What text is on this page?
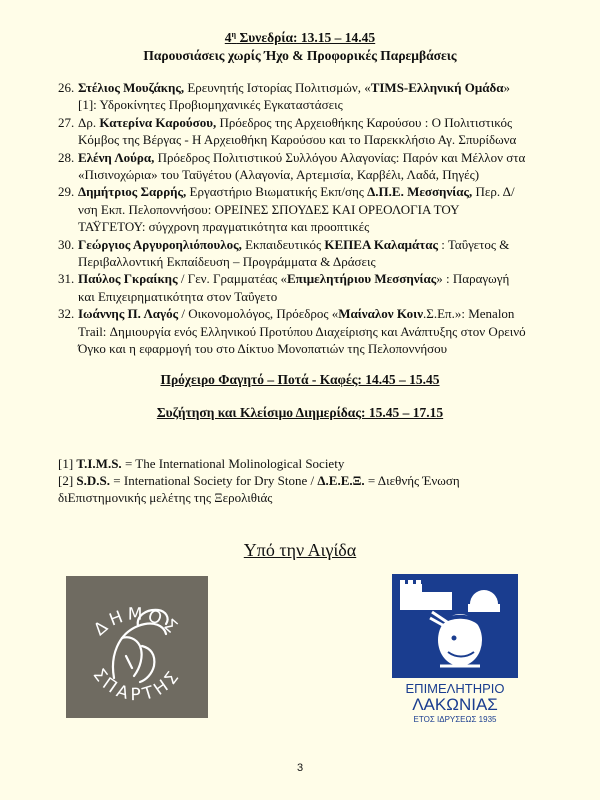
$4^\eta$ Συνεδρία: 13.15 – 14.45
Παρουσιάσεις χωρίς Ήχο & Προφορικές Παρεμβάσεις
26. Στέλιος Μουζάκης, Ερευνητής Ιστορίας Πολιτισμών, «TIMS-Ελληνική Ομάδα» [1]: Υδροκίνητες Προβιομηχανικές Εγκαταστάσεις
27. Δρ. Κατερίνα Καρούσου, Πρόεδρος της Αρχειοθήκης Καρούσου : Ο Πολιτιστικός Κόμβος της Βέργας - Η Αρχειοθήκη Καρούσου και το Παρεκκλήσιο Αγ. Σπυρίδωνα
28. Ελένη Λούρα, Πρόεδρος Πολιτιστικού Συλλόγου Αλαγονίας: Παρόν και Μέλλον στα «Πισινοχώρια» του Ταϋγέτου (Αλαγονία, Αρτεμισία, Καρβέλι, Λαδά, Πηγές)
29. Δημήτριος Σαρρής, Εργαστήριο Βιωματικής Εκπ/σης Δ.Π.Ε. Μεσσηνίας, Περ. Δ/νση Εκπ. Πελοποννήσου: ΟΡΕΙΝΕΣ ΣΠΟΥΔΕΣ ΚΑΙ ΟΡΕΟΛΟΓΙΑ ΤΟΥ ΤΑΫΓΕΤΟΥ: σύγχρονη πραγματικότητα και προοπτικές
30. Γεώργιος Αργυροηλιόπουλος, Εκπαιδευτικός ΚΕΠΕΑ Καλαμάτας : Ταΰγετος & Περιβαλλοντική Εκπαίδευση – Προγράμματα & Δράσεις
31. Παύλος Γκραίκης / Γεν. Γραμματέας «Επιμελητήριου Μεσσηνίας» : Παραγωγή και Επιχειρηματικότητα στον Ταΰγετο
32. Ιωάννης Π. Λαγός / Οικονομολόγος, Πρόεδρος «Μαίναλον Κοιν.Σ.Επ.»: Menalon Trail: Δημιουργία ενός Ελληνικού Προτύπου Διαχείρισης και Ανάπτυξης στον Ορεινό Όγκο και η εφαρμογή του στο Δίκτυο Μονοπατιών της Πελοποννήσου
Πρόχειρο Φαγητό – Ποτά - Καφές: 14.45 – 15.45
Συζήτηση και Κλείσιμο Διημερίδας: 15.45 – 17.15
[1] T.I.M.S. = The International Molinological Society
[2] S.D.S. = International Society for Dry Stone / Δ.Ε.Ε.Ξ. = Διεθνής Ένωση διΕπιστημονικής μελέτης της Ξερολιθιάς
Υπό την Αιγίδα
ΔΗΜΟΣ
ΣΠΑΡΤΗΣ	ΕΠΙΜΕΛΗΤΗΡΙΟ
ΛΑΚΩΝΙΑΣ
ΕΤΟΣ ΙΔΡΥΣΕΩΣ 1935
3
